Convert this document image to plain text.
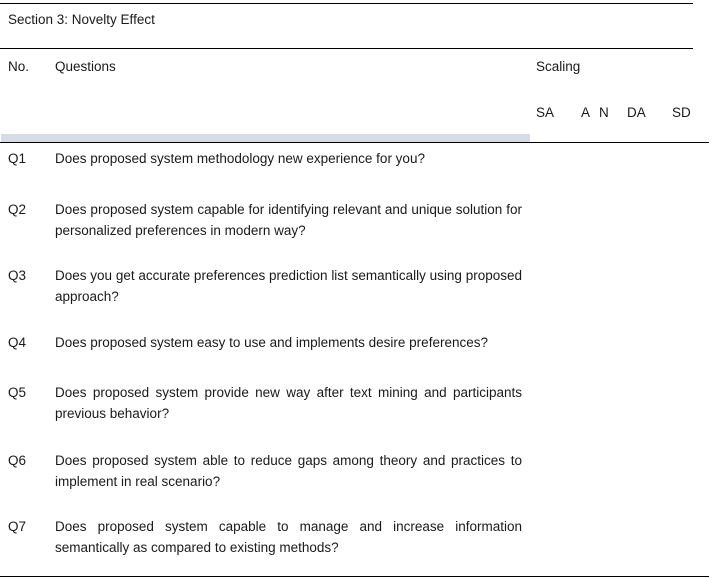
Section 3: Novelty Effect
No. Questions	Scaling
SA A N DA SD
Q1 Does proposed system methodology new experience for you?
Q2 Does proposed system capable for identifying relevant and unique solution for personalized preferences in modern way?
Q3 Does you get accurate preferences prediction list semantically using proposed approach?
Q4 Does proposed system easy to use and implements desire preferences?
Q5 Does proposed system provide new way after text mining and participants previous behavior?
Q6 Does proposed system able to reduce gaps among theory and practices to implement in real scenario?
Q7 Does proposed system capable to manage and increase information semantically as compared to existing methods?
